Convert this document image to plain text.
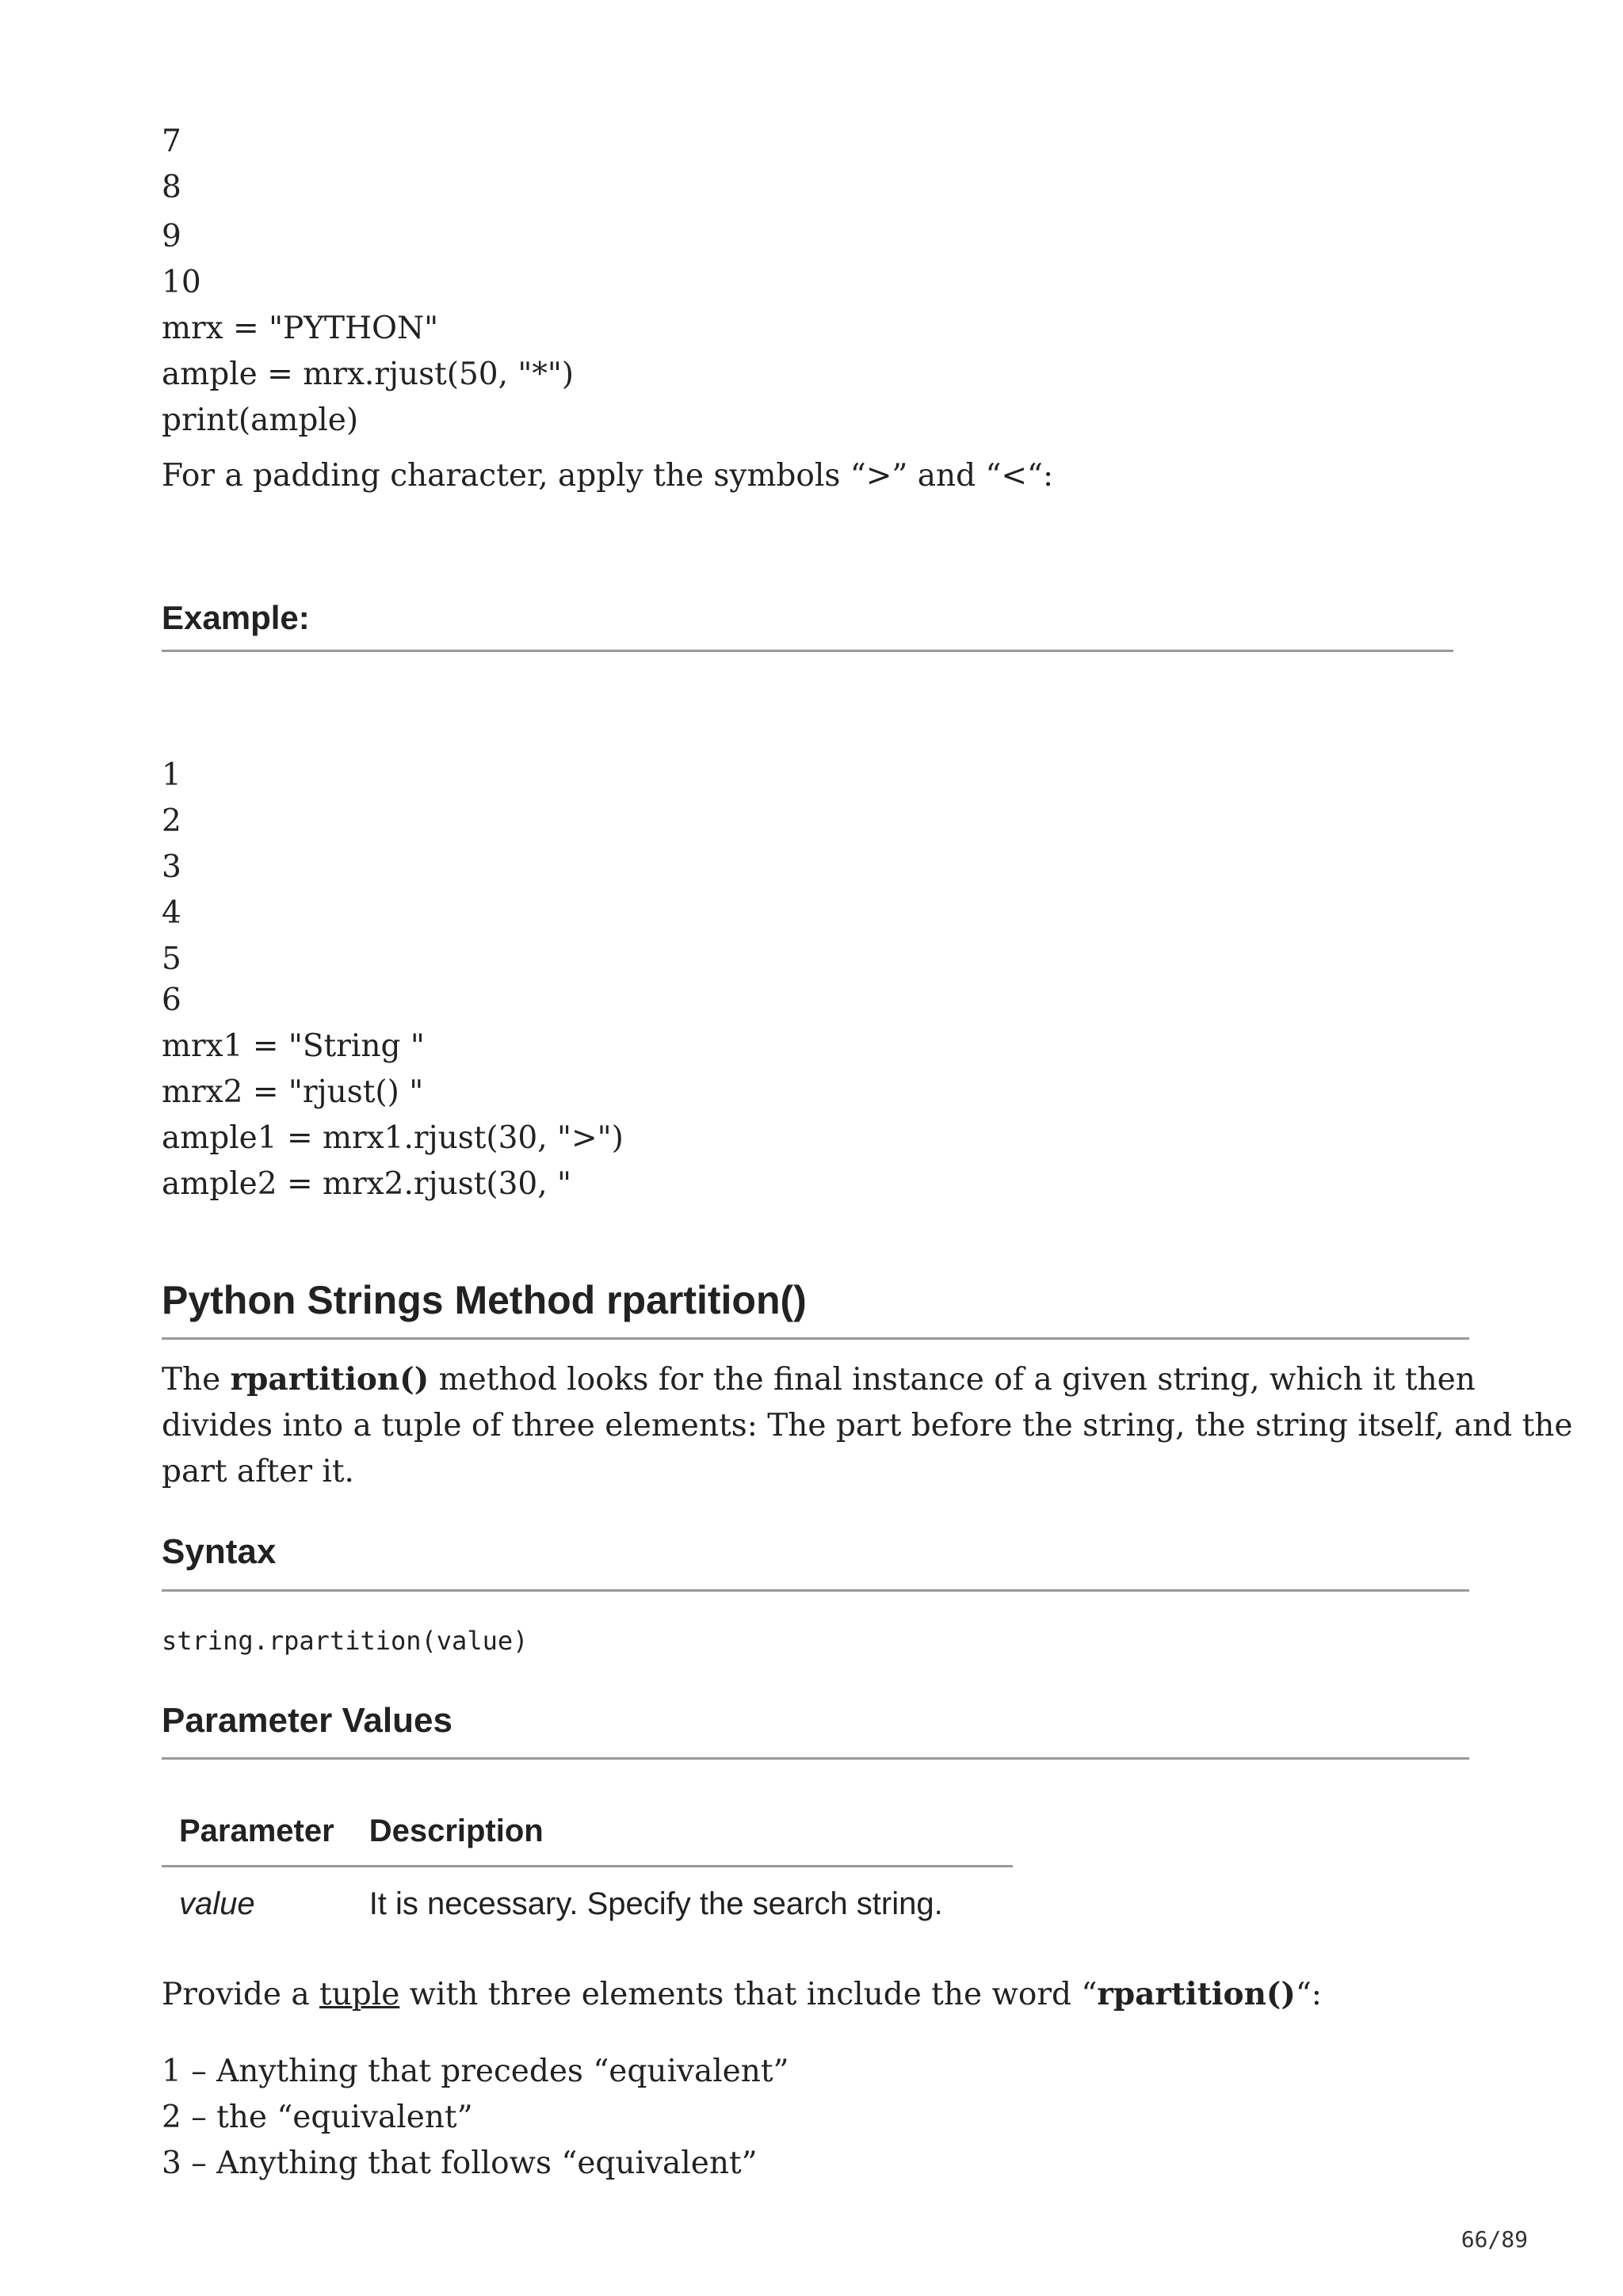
7
8
9
10
mrx = "PYTHON"
ample = mrx.rjust(50, "*")
print(ample)

For a padding character, apply the symbols “>” and “<“:

Example:
1
2
3
4
5
6
mrx1 = "String "
mrx2 = "rjust() "
ample1 = mrx1.rjust(30, ">")
ample2 = mrx2.rjust(30, "
Python Strings Method rpartition()
The rpartition() method looks for the final instance of a given string, which it then
divides into a tuple of three elements: The part before the string, the string itself, and the
part after it.
Syntax
string.rpartition(value)
Parameter Values
Parameter	Description
value	It is necessary. Specify the search string.

Provide a tuple with three elements that include the word “rpartition()“:

1 – Anything that precedes “equivalent”
2 – the “equivalent”
3 – Anything that follows “equivalent”
66/89
